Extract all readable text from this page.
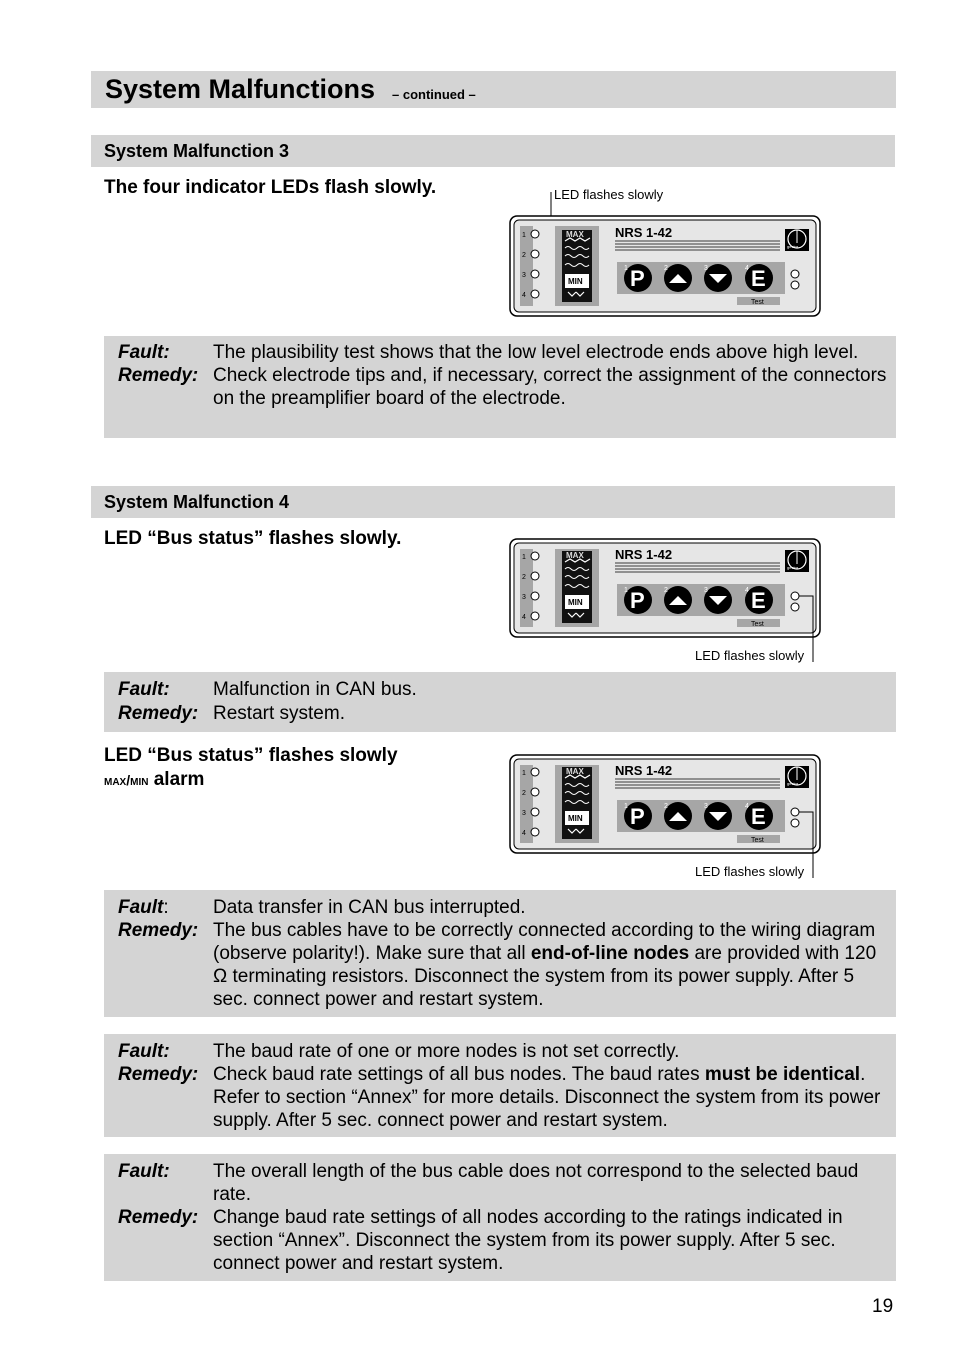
System Malfunctions – continued –
System Malfunction 3
The four indicator LEDs flash slowly.	LED flashes slowly
1
2
3
4
MAX
MIN
NRS 1-42
gestra
P	E
1	2	3	4
Test
Fault: The plausibility test shows that the low level electrode ends above high level.
Remedy: Check electrode tips and, if necessary, correct the assignment of the connectors on the preamplifier board of the electrode.
System Malfunction 4
LED “Bus status” flashes slowly.
1
2
3
4
MAX
MIN
NRS 1-42
gestra
P	E
1	2	3	4
Test
LED flashes slowly
Fault: Malfunction in CAN bus.
Remedy: Restart system.
LED “Bus status” flashes slowly
max/min alarm	1
2
3
4
MAX
MIN
NRS 1-42
gestra
P	E
1	2	3	4
Test
LED flashes slowly
Fault: Data transfer in CAN bus interrupted.
Remedy: The bus cables have to be correctly connected according to the wiring diagram (observe polarity!). Make sure that all end-of-line nodes are provided with 120 Ω terminating resistors. Disconnect the system from its power supply. After 5 sec. connect power and restart system.
Fault: The baud rate of one or more nodes is not set correctly.
Remedy: Check baud rate settings of all bus nodes. The baud rates must be identical. Refer to section “Annex” for more details. Disconnect the system from its power supply. After 5 sec. connect power and restart system.
Fault: The overall length of the bus cable does not correspond to the selected baud rate.
Remedy: Change baud rate settings of all nodes according to the ratings indicated in section “Annex”. Disconnect the system from its power supply. After 5 sec. connect power and restart system.
19
